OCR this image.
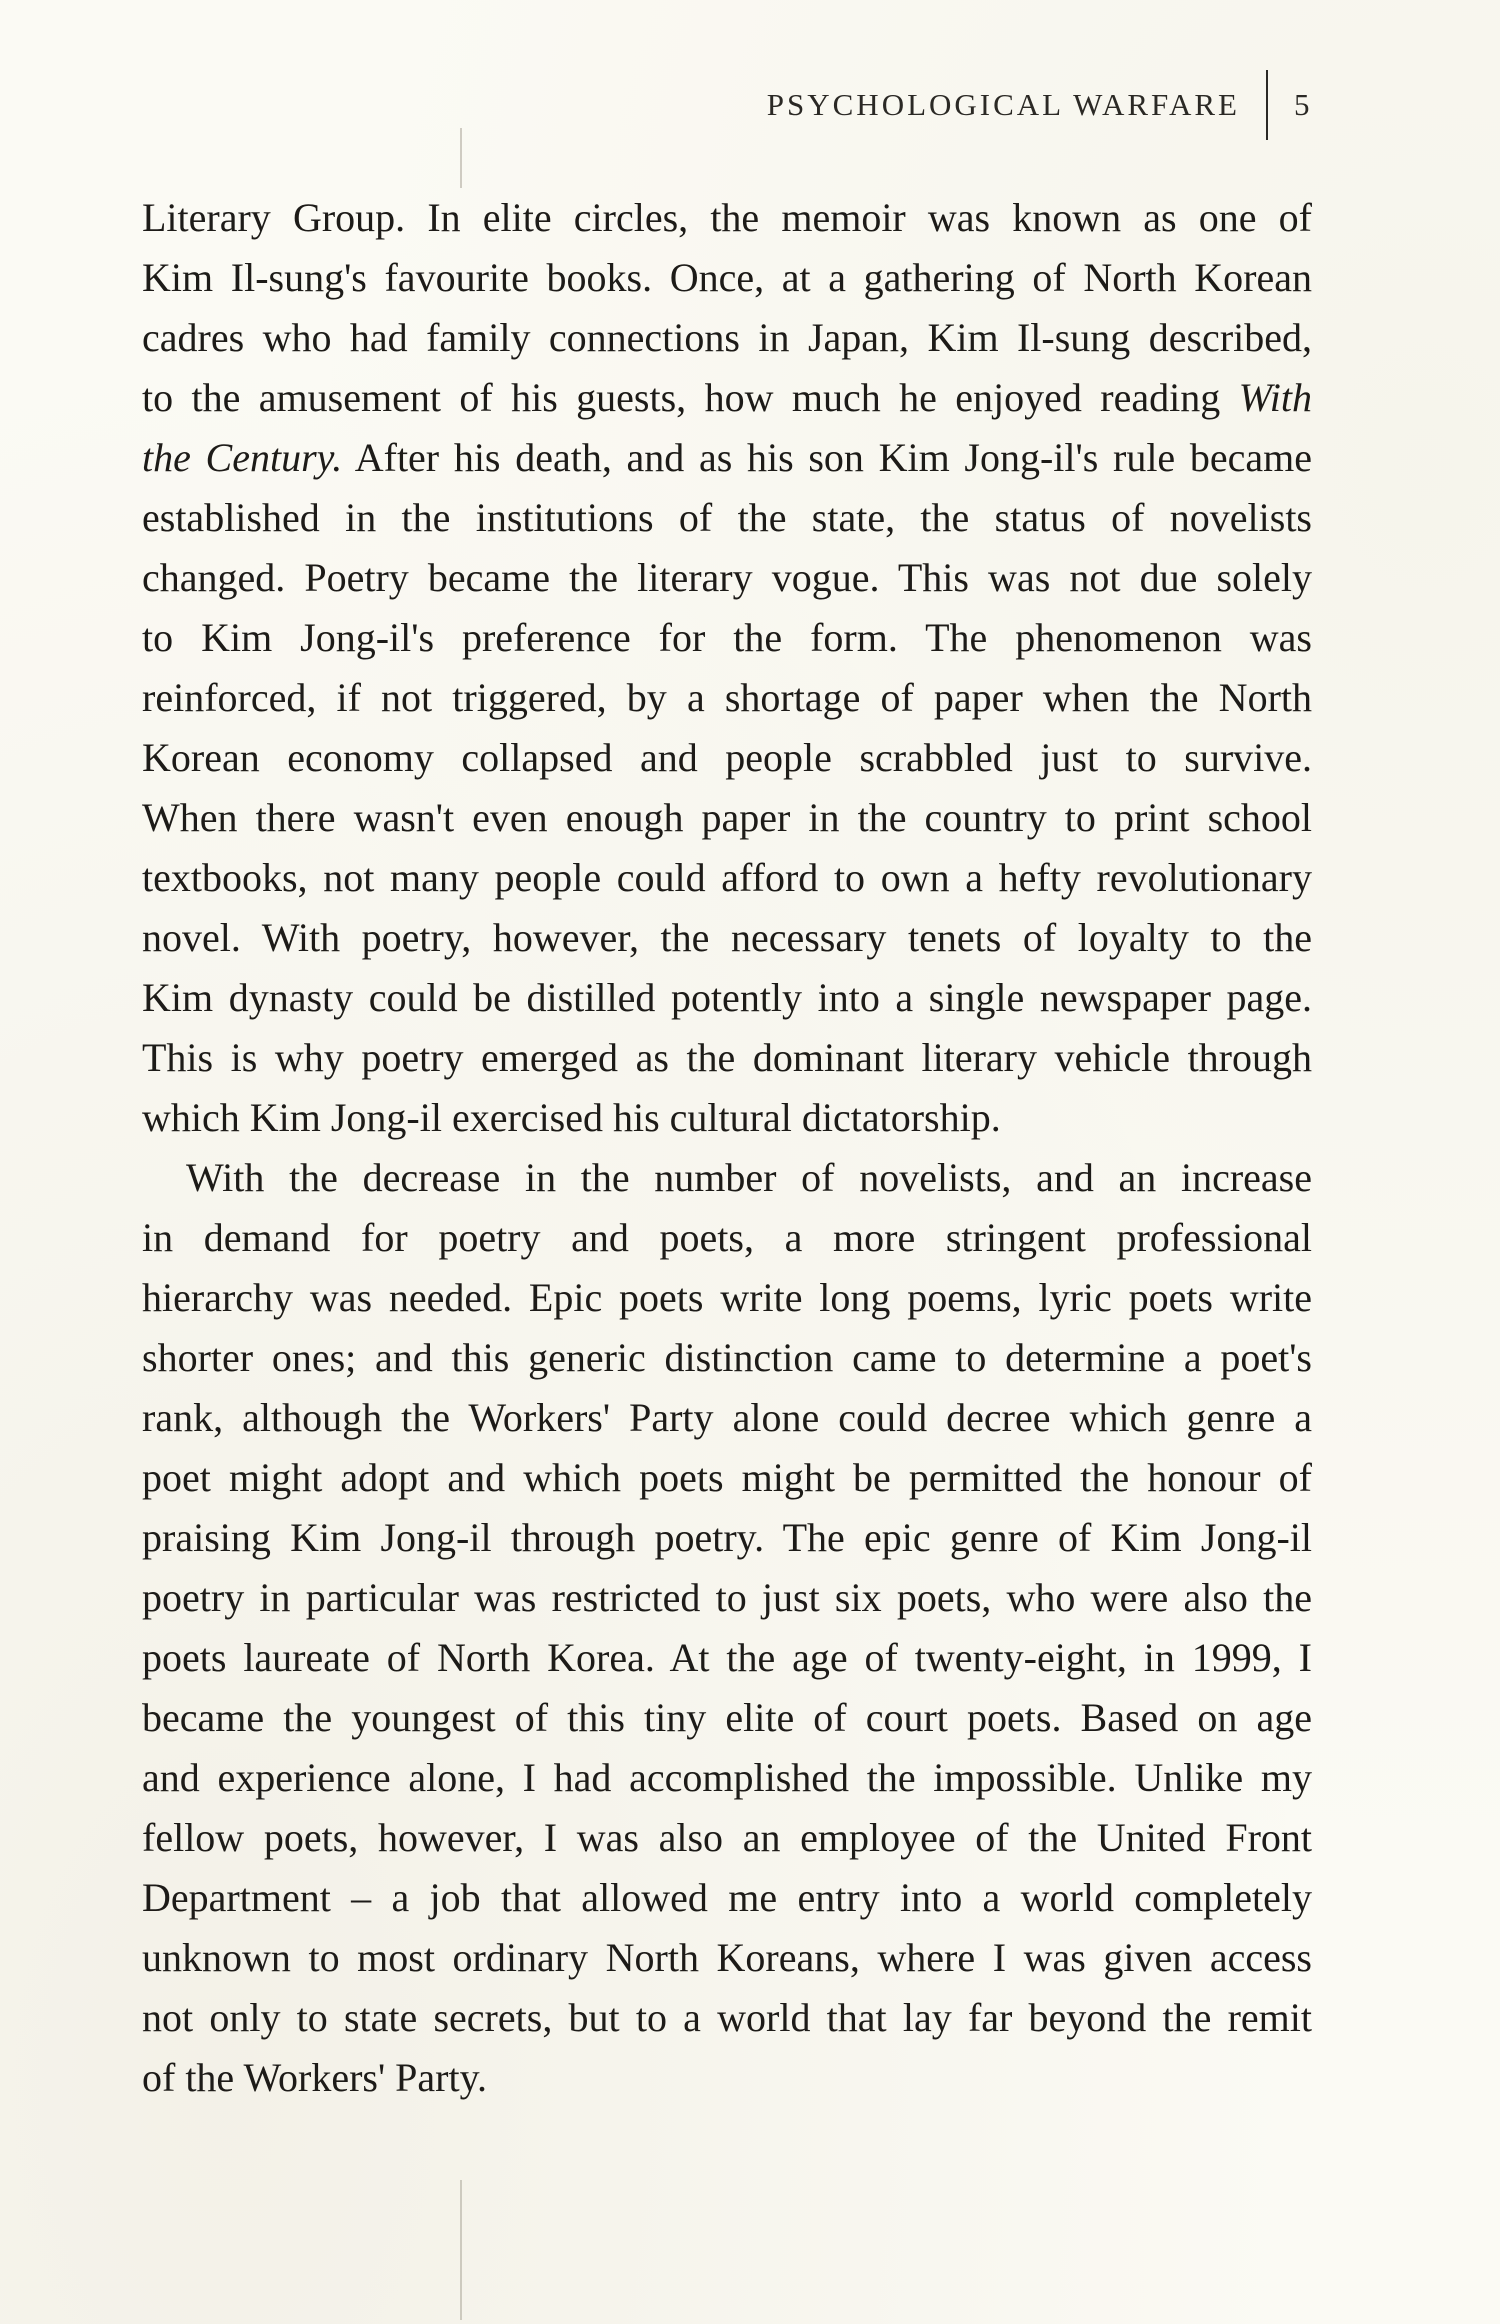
PSYCHOLOGICAL WARFARE	5

Literary Group. In elite circles, the memoir was known as one of
Kim Il-sung's favourite books. Once, at a gathering of North Korean
cadres who had family connections in Japan, Kim Il-sung described,
to the amusement of his guests, how much he enjoyed reading With
the Century. After his death, and as his son Kim Jong-il's rule became
established in the institutions of the state, the status of novelists
changed. Poetry became the literary vogue. This was not due solely
to Kim Jong-il's preference for the form. The phenomenon was
reinforced, if not triggered, by a shortage of paper when the North
Korean economy collapsed and people scrabbled just to survive.
When there wasn't even enough paper in the country to print school
textbooks, not many people could afford to own a hefty revolutionary
novel. With poetry, however, the necessary tenets of loyalty to the
Kim dynasty could be distilled potently into a single newspaper page.
This is why poetry emerged as the dominant literary vehicle through
which Kim Jong-il exercised his cultural dictatorship.

With the decrease in the number of novelists, and an increase
in demand for poetry and poets, a more stringent professional
hierarchy was needed. Epic poets write long poems, lyric poets write
shorter ones; and this generic distinction came to determine a poet's
rank, although the Workers' Party alone could decree which genre a
poet might adopt and which poets might be permitted the honour of
praising Kim Jong-il through poetry. The epic genre of Kim Jong-il
poetry in particular was restricted to just six poets, who were also the
poets laureate of North Korea. At the age of twenty-eight, in 1999, I
became the youngest of this tiny elite of court poets. Based on age
and experience alone, I had accomplished the impossible. Unlike my
fellow poets, however, I was also an employee of the United Front
Department – a job that allowed me entry into a world completely
unknown to most ordinary North Koreans, where I was given access
not only to state secrets, but to a world that lay far beyond the remit
of the Workers' Party.
